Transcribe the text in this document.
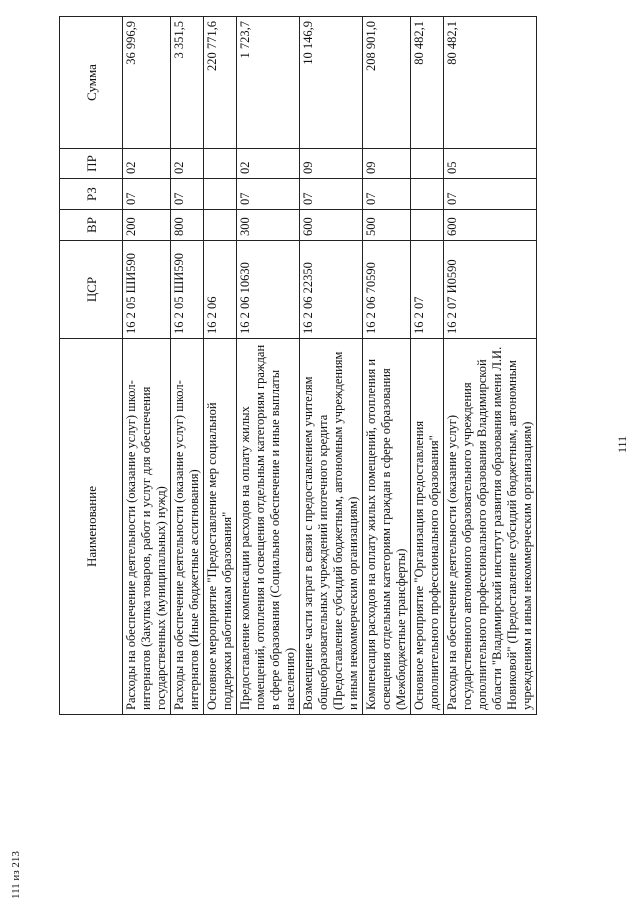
111
111 из 213
Наименование	ЦСР	ВР	РЗ	ПР	Сумма
Расходы на обеспечение деятельности (оказание услуг) школ-интернатов (Закупка товаров, работ и услуг для обеспечения государственных (муниципальных) нужд)	16 2 05 ШИ590	200	07	02	36 996,9
Расходы на обеспечение деятельности (оказание услуг) школ-интернатов (Иные бюджетные ассигнования)	16 2 05 ШИ590	800	07	02	3 351,5
Основное мероприятие "Предоставление мер социальной поддержки работникам образования"	16 2 06				220 771,6
Предоставление компенсации расходов на оплату жилых помещений, отопления и освещения отдельным категориям граждан в сфере образования (Социальное обеспечение и иные выплаты населению)	16 2 06 10630	300	07	02	1 723,7
Возмещение части затрат в связи с предоставлением учителям общеобразовательных учреждений ипотечного кредита (Предоставление субсидий бюджетным, автономным учреждениям и иным некоммерческим организациям)	16 2 06 22350	600	07	09	10 146,9
Компенсация расходов на оплату жилых помещений, отопления и освещения отдельным категориям граждан в сфере образования (Межбюджетные трансферты)	16 2 06 70590	500	07	09	208 901,0
Основное мероприятие "Организация предоставления дополнительного профессионального образования"	16 2 07				80 482,1
Расходы на обеспечение деятельности (оказание услуг) государственного автономного образовательного учреждения дополнительного профессионального образования Владимирской области "Владимирский институт развития образования имени Л.И. Новиковой" (Предоставление субсидий бюджетным, автономным учреждениям и иным некоммерческим организациям)	16 2 07 И0590	600	07	05	80 482,1
